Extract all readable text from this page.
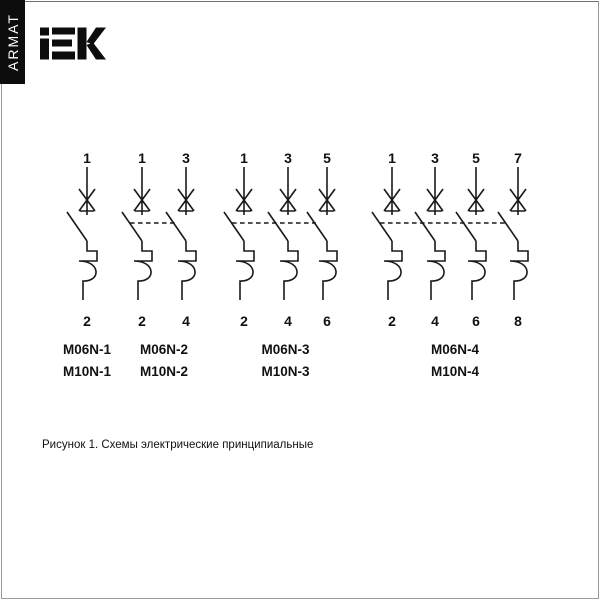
ARMAT
1
2
M06N-1
M10N-1
1
2
3
4
M06N-2
M10N-2
1
2
3
4
5
6
M06N-3
M10N-3
1
2
3
4
5
6
7
8
M06N-4
M10N-4
Рисунок 1. Схемы электрические принципиальные
